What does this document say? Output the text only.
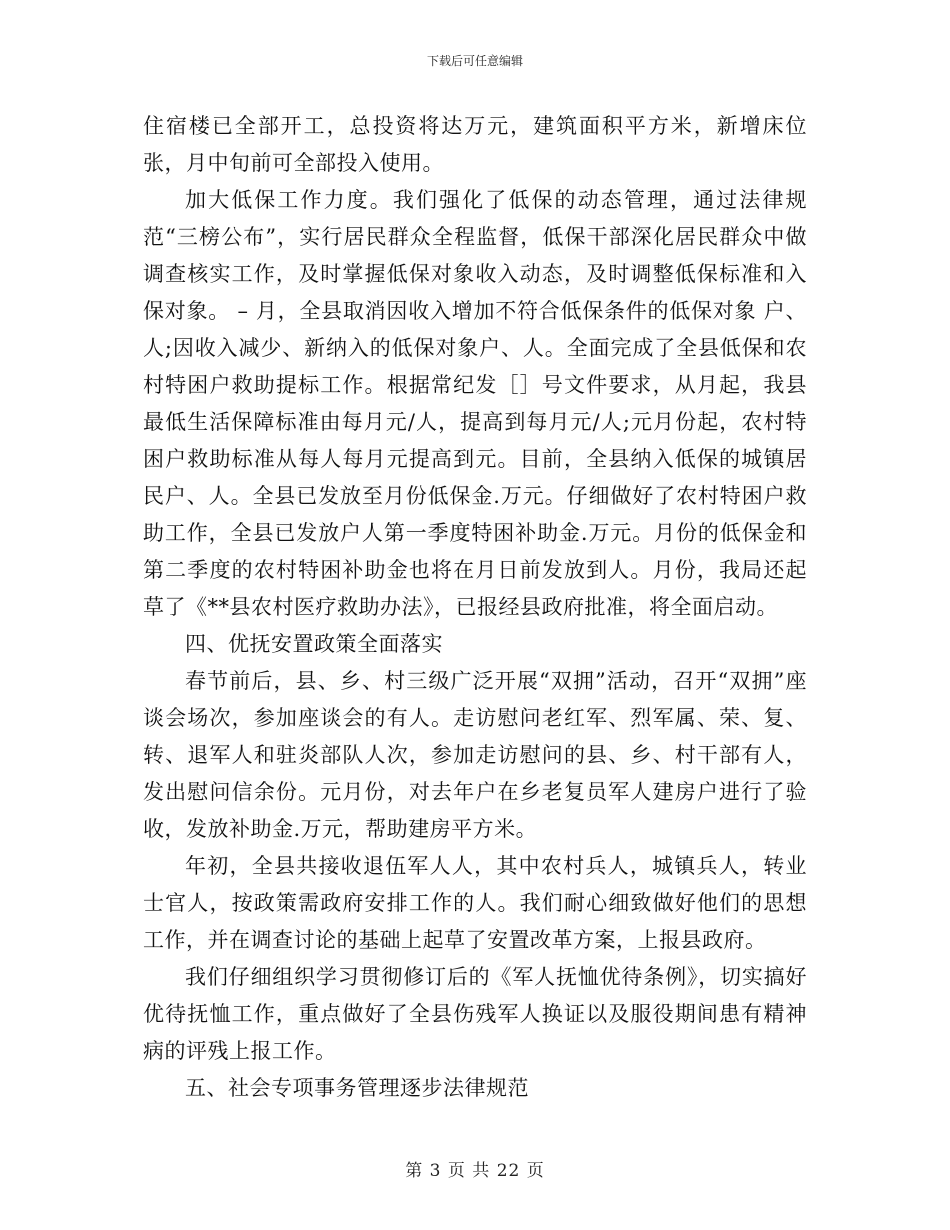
下载后可任意编辑

住宿楼已全部开工，总投资将达万元，建筑面积平方米，新增床位张，月中旬前可全部投入使用。

加大低保工作力度。我们强化了低保的动态管理，通过法律规范“三榜公布”，实行居民群众全程监督，低保干部深化居民群众中做调查核实工作，及时掌握低保对象收入动态，及时调整低保标准和入保对象。 – 月，全县取消因收入增加不符合低保条件的低保对象 户、人;因收入减少、新纳入的低保对象户、人。全面完成了全县低保和农村特困户救助提标工作。根据常纪发［］号文件要求，从月起，我县最低生活保障标准由每月元/人，提高到每月元/人;元月份起，农村特困户救助标准从每人每月元提高到元。目前，全县纳入低保的城镇居民户、人。全县已发放至月份低保金.万元。仔细做好了农村特困户救助工作，全县已发放户人第一季度特困补助金.万元。月份的低保金和第二季度的农村特困补助金也将在月日前发放到人。月份，我局还起草了《**县农村医疗救助办法》，已报经县政府批准，将全面启动。

四、优抚安置政策全面落实

春节前后，县、乡、村三级广泛开展“双拥”活动，召开“双拥”座谈会场次，参加座谈会的有人。走访慰问老红军、烈军属、荣、复、转、退军人和驻炎部队人次，参加走访慰问的县、乡、村干部有人，发出慰问信余份。元月份，对去年户在乡老复员军人建房户进行了验收，发放补助金.万元，帮助建房平方米。

年初，全县共接收退伍军人人，其中农村兵人，城镇兵人，转业士官人，按政策需政府安排工作的人。我们耐心细致做好他们的思想工作，并在调查讨论的基础上起草了安置改革方案，上报县政府。

我们仔细组织学习贯彻修订后的《军人抚恤优待条例》，切实搞好优待抚恤工作，重点做好了全县伤残军人换证以及服役期间患有精神病的评残上报工作。

五、社会专项事务管理逐步法律规范

第 3 页 共 22 页
